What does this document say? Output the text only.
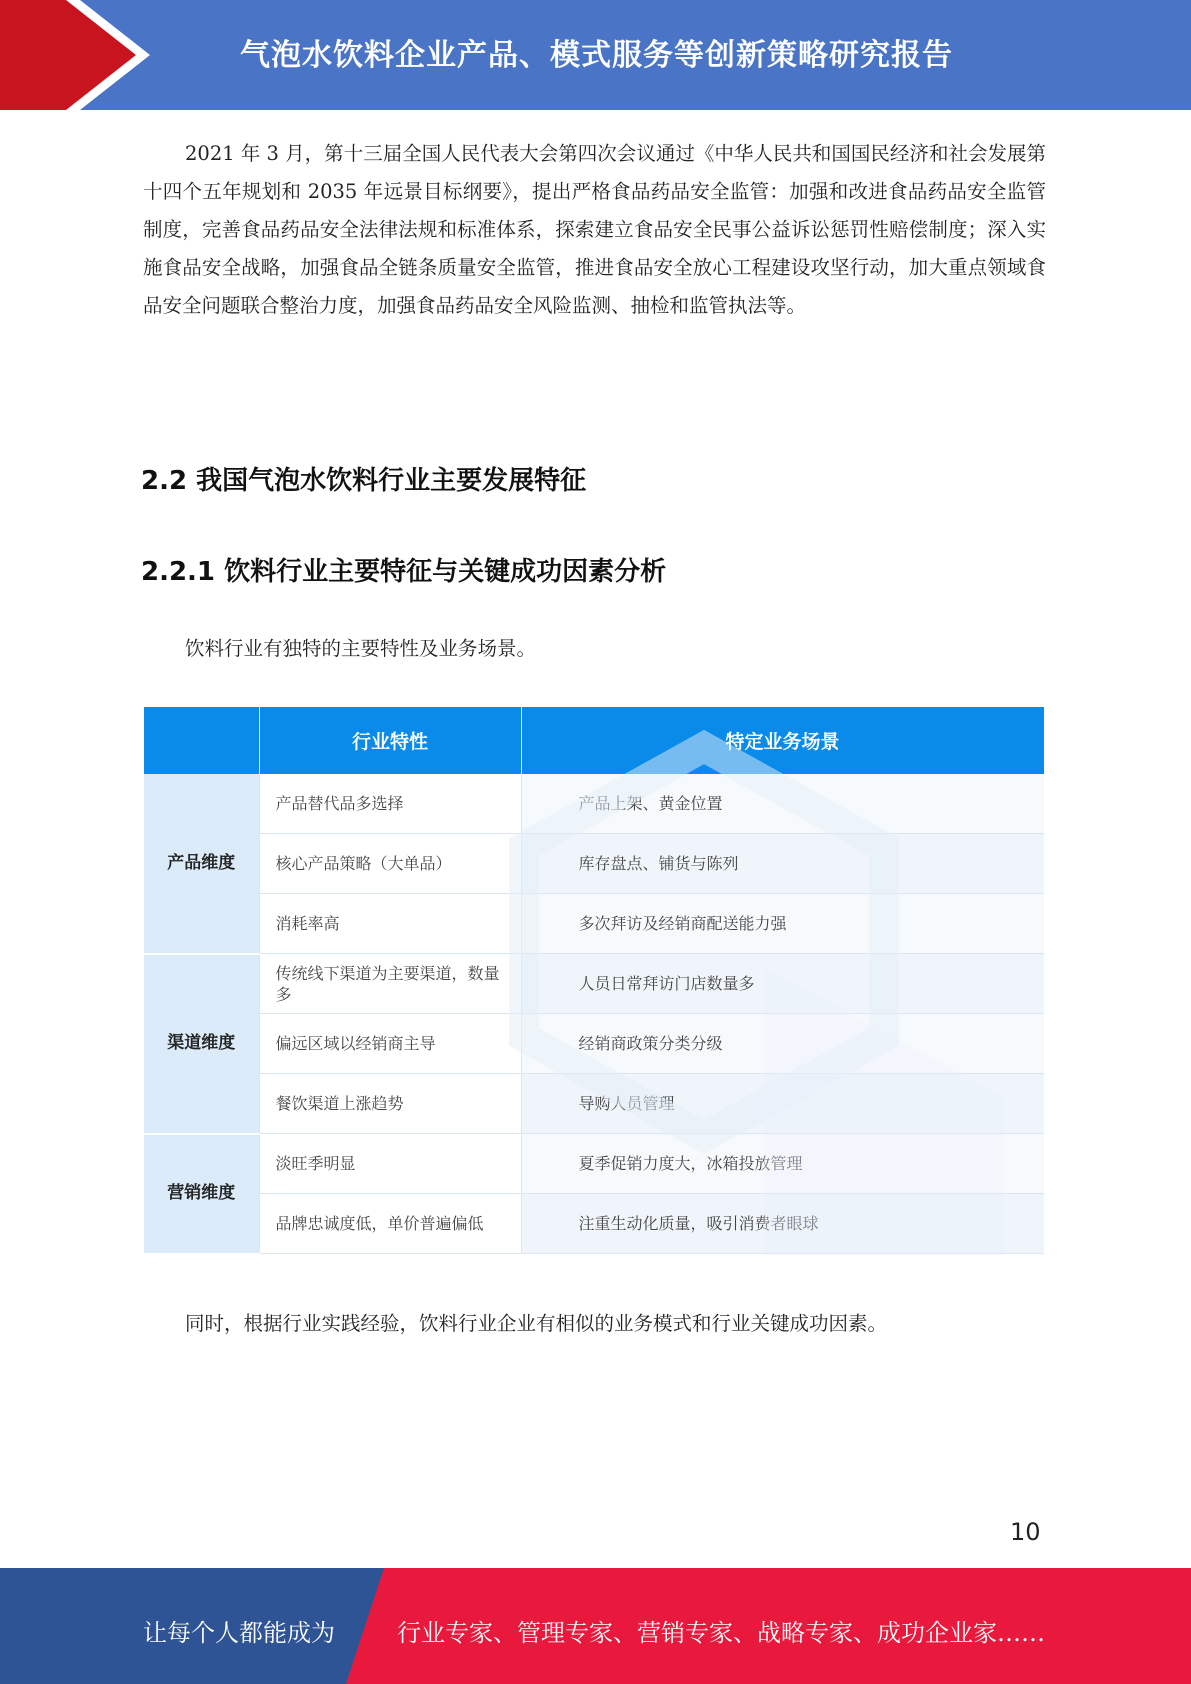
气泡水饮料企业产品、模式服务等创新策略研究报告

2021 年 3 月，第十三届全国人民代表大会第四次会议通过《中华人民共和国国民经济和社会发展第十四个五年规划和 2035 年远景目标纲要》，提出严格食品药品安全监管：加强和改进食品药品安全监管制度，完善食品药品安全法律法规和标准体系，探索建立食品安全民事公益诉讼惩罚性赔偿制度；深入实施食品安全战略，加强食品全链条质量安全监管，推进食品安全放心工程建设攻坚行动，加大重点领域食品安全问题联合整治力度，加强食品药品安全风险监测、抽检和监管执法等。

2.2 我国气泡水饮料行业主要发展特征
2.2.1 饮料行业主要特征与关键成功因素分析

饮料行业有独特的主要特性及业务场景。

	行业特性	特定业务场景
产品维度	产品替代品多选择	产品上架、黄金位置
	核心产品策略（大单品）	库存盘点、铺货与陈列
	消耗率高	多次拜访及经销商配送能力强
渠道维度	传统线下渠道为主要渠道，数量多	人员日常拜访门店数量多
	偏远区域以经销商主导	经销商政策分类分级
	餐饮渠道上涨趋势	导购人员管理
营销维度	淡旺季明显	夏季促销力度大，冰箱投放管理
	品牌忠诚度低，单价普遍偏低	注重生动化质量，吸引消费者眼球

同时，根据行业实践经验，饮料行业企业有相似的业务模式和行业关键成功因素。

10
让每个人都能成为	行业专家、管理专家、营销专家、战略专家、成功企业家……
